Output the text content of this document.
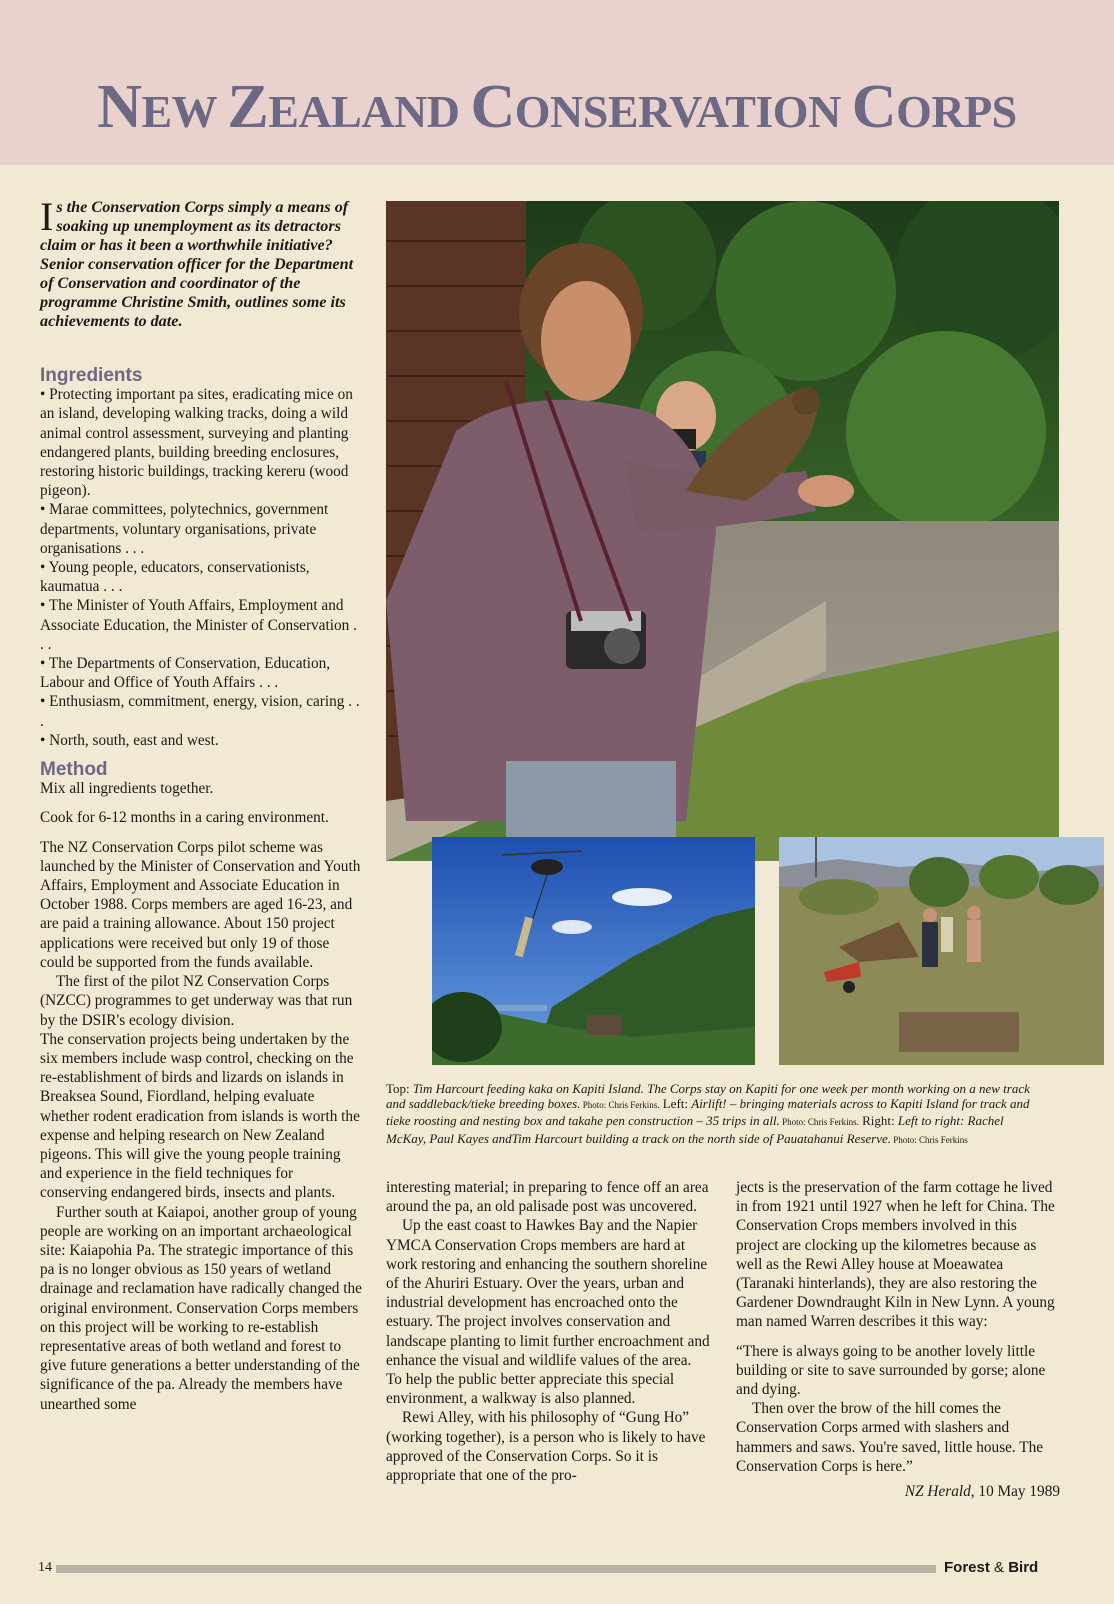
NEW ZEALAND CONSERVATION CORPS
Is the Conservation Corps simply a means of soaking up unemployment as its detractors claim or has it been a worthwhile initiative? Senior conservation officer for the Department of Conservation and coordinator of the programme Christine Smith, outlines some its achievements to date.
Ingredients

• Protecting important pa sites, eradicating mice on an island, developing walking tracks, doing a wild animal control assessment, surveying and planting endangered plants, building breeding enclosures, restoring historic buildings, tracking kereru (wood pigeon).

• Marae committees, polytechnics, government departments, voluntary organisations, private organisations . . .

• Young people, educators, conservationists, kaumatua . . .

• The Minister of Youth Affairs, Employment and Associate Education, the Minister of Conservation . . .

• The Departments of Conservation, Education, Labour and Office of Youth Affairs . . .

• Enthusiasm, commitment, energy, vision, caring . . .

• North, south, east and west.

Method

Mix all ingredients together.

Cook for 6-12 months in a caring environment.

The NZ Conservation Corps pilot scheme was launched by the Minister of Conservation and Youth Affairs, Employment and Associate Education in October 1988. Corps members are aged 16-23, and are paid a training allowance. About 150 project applications were received but only 19 of those could be supported from the funds available.

The first of the pilot NZ Conservation Corps (NZCC) programmes to get underway was that run by the DSIR's ecology division.

The conservation projects being undertaken by the six members include wasp control, checking on the re-establishment of birds and lizards on islands in Breaksea Sound, Fiordland, helping evaluate whether rodent eradication from islands is worth the expense and helping research on New Zealand pigeons. This will give the young people training and experience in the field techniques for conserving endangered birds, insects and plants.

Further south at Kaiapoi, another group of young people are working on an important archaeological site: Kaiapohia Pa. The strategic importance of this pa is no longer obvious as 150 years of wetland drainage and reclamation have radically changed the original environment. Conservation Corps members on this project will be working to re-establish representative areas of both wetland and forest to give future generations a better understanding of the significance of the pa. Already the members have unearthed some

Top: Tim Harcourt feeding kaka on Kapiti Island. The Corps stay on Kapiti for one week per month working on a new track and saddleback/tieke breeding boxes. Photo: Chris Ferkins. Left: Airlift! – bringing materials across to Kapiti Island for track and tieke roosting and nesting box and takahe pen construction – 35 trips in all. Photo: Chris Ferkins. Right: Left to right: Rachel McKay, Paul Kayes andTim Harcourt building a track on the north side of Pauatahanui Reserve. Photo: Chris Ferkins

interesting material; in preparing to fence off an area around the pa, an old palisade post was uncovered.

Up the east coast to Hawkes Bay and the Napier YMCA Conservation Crops members are hard at work restoring and enhancing the southern shoreline of the Ahuriri Estuary. Over the years, urban and industrial development has encroached onto the estuary. The project involves conservation and landscape planting to limit further encroachment and enhance the visual and wildlife values of the area. To help the public better appreciate this special environment, a walkway is also planned.

Rewi Alley, with his philosophy of “Gung Ho” (working together), is a person who is likely to have approved of the Conservation Corps. So it is appropriate that one of the pro-

jects is the preservation of the farm cottage he lived in from 1921 until 1927 when he left for China. The Conservation Crops members involved in this project are clocking up the kilometres because as well as the Rewi Alley house at Moeawatea (Taranaki hinterlands), they are also restoring the Gardener Downdraught Kiln in New Lynn. A young man named Warren describes it this way:

“There is always going to be another lovely little building or site to save surrounded by gorse; alone and dying.

Then over the brow of the hill comes the Conservation Corps armed with slashers and hammers and saws. You're saved, little house. The Conservation Corps is here.”

NZ Herald, 10 May 1989

14	Forest & Bird
